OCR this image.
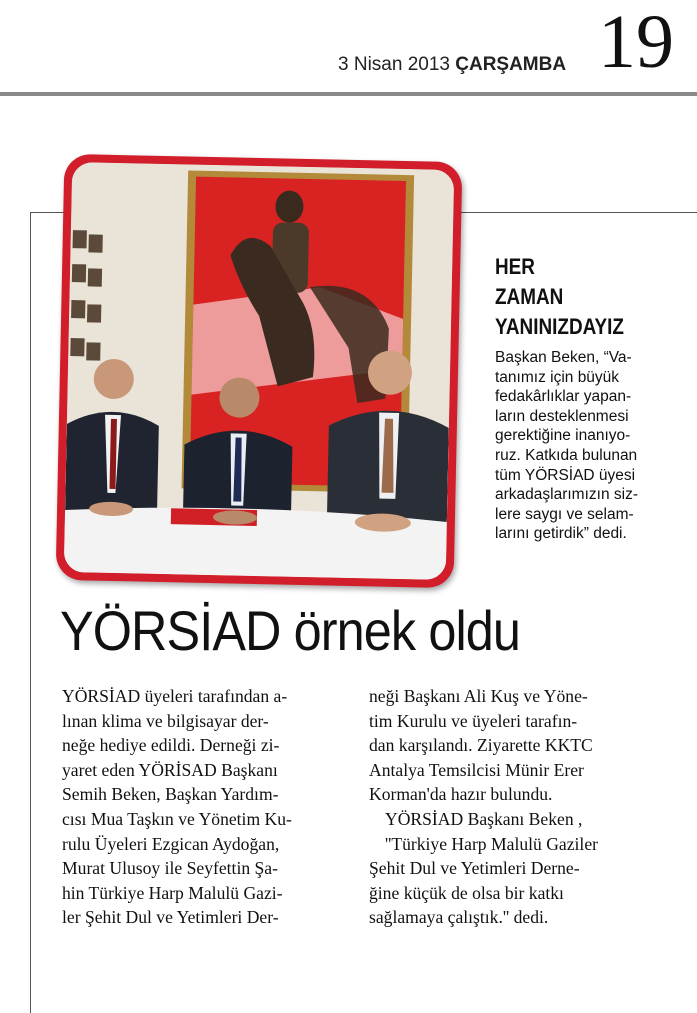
3 Nisan 2013 ÇARŞAMBA 19
HER
ZAMAN
YANINIZDAYIZ
Başkan Beken, “Va-
tanımız için büyük
fedakârlıklar yapan-
ların desteklenmesi
gerektiğine inanıyo-
ruz. Katkıda bulunan
tüm YÖRSİAD üyesi
arkadaşlarımızın siz-
lere saygı ve selam-
larını getirdik” dedi.
YÖRSİAD örnek oldu
YÖRSİAD üyeleri tarafından a-
lınan klima ve bilgisayar der-
neğe hediye edildi. Derneği zi-
yaret eden YÖRİSAD Başkanı
Semih Beken, Başkan Yardım-
cısı Mua Taşkın ve Yönetim Ku-
rulu Üyeleri Ezgican Aydoğan,
Murat Ulusoy ile Seyfettin Şa-
hin Türkiye Harp Malulü Gazi-
ler Şehit Dul ve Yetimleri Der-
neği Başkanı Ali Kuş ve Yöne-
tim Kurulu ve üyeleri tarafın-
dan karşılandı. Ziyarette KKTC
Antalya Temsilcisi Münir Erer
Korman'da hazır bulundu.
YÖRSİAD Başkanı Beken ,
''Türkiye Harp Malulü Gaziler
Şehit Dul ve Yetimleri Derne-
ğine küçük de olsa bir katkı
sağlamaya çalıştık.'' dedi.
